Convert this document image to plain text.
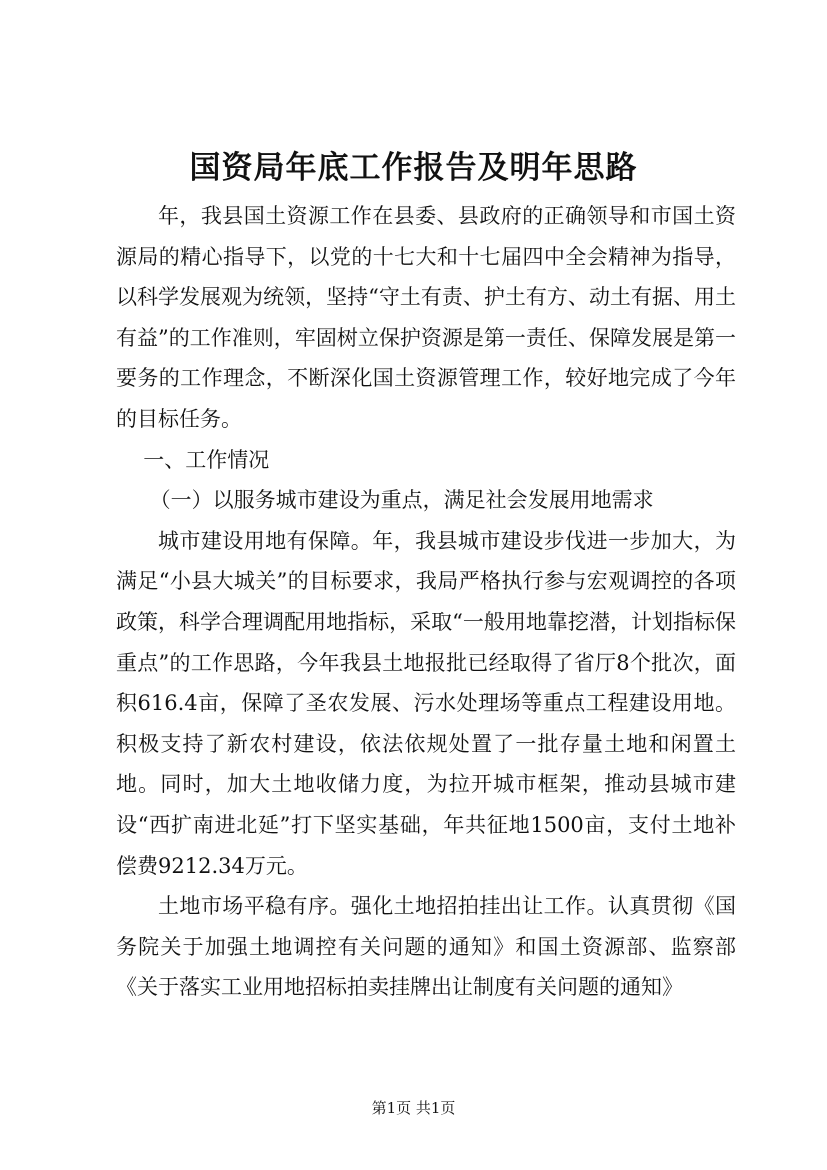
国资局年底工作报告及明年思路

年，我县国土资源工作在县委、县政府的正确领导和市国土资源局的精心指导下，以党的十七大和十七届四中全会精神为指导，以科学发展观为统领，坚持“守土有责、护土有方、动土有据、用土有益”的工作准则，牢固树立保护资源是第一责任、保障发展是第一要务的工作理念，不断深化国土资源管理工作，较好地完成了今年的目标任务。

一、工作情况

（一）以服务城市建设为重点，满足社会发展用地需求

城市建设用地有保障。年，我县城市建设步伐进一步加大，为满足“小县大城关”的目标要求，我局严格执行参与宏观调控的各项政策，科学合理调配用地指标，采取“一般用地靠挖潜，计划指标保重点”的工作思路，今年我县土地报批已经取得了省厅8个批次，面积616.4亩，保障了圣农发展、污水处理场等重点工程建设用地。积极支持了新农村建设，依法依规处置了一批存量土地和闲置土地。同时，加大土地收储力度，为拉开城市框架，推动县城市建设“西扩南进北延”打下坚实基础，年共征地1500亩，支付土地补偿费9212.34万元。

土地市场平稳有序。强化土地招拍挂出让工作。认真贯彻《国务院关于加强土地调控有关问题的通知》和国土资源部、监察部《关于落实工业用地招标拍卖挂牌出让制度有关问题的通知》

第1页 共1页
